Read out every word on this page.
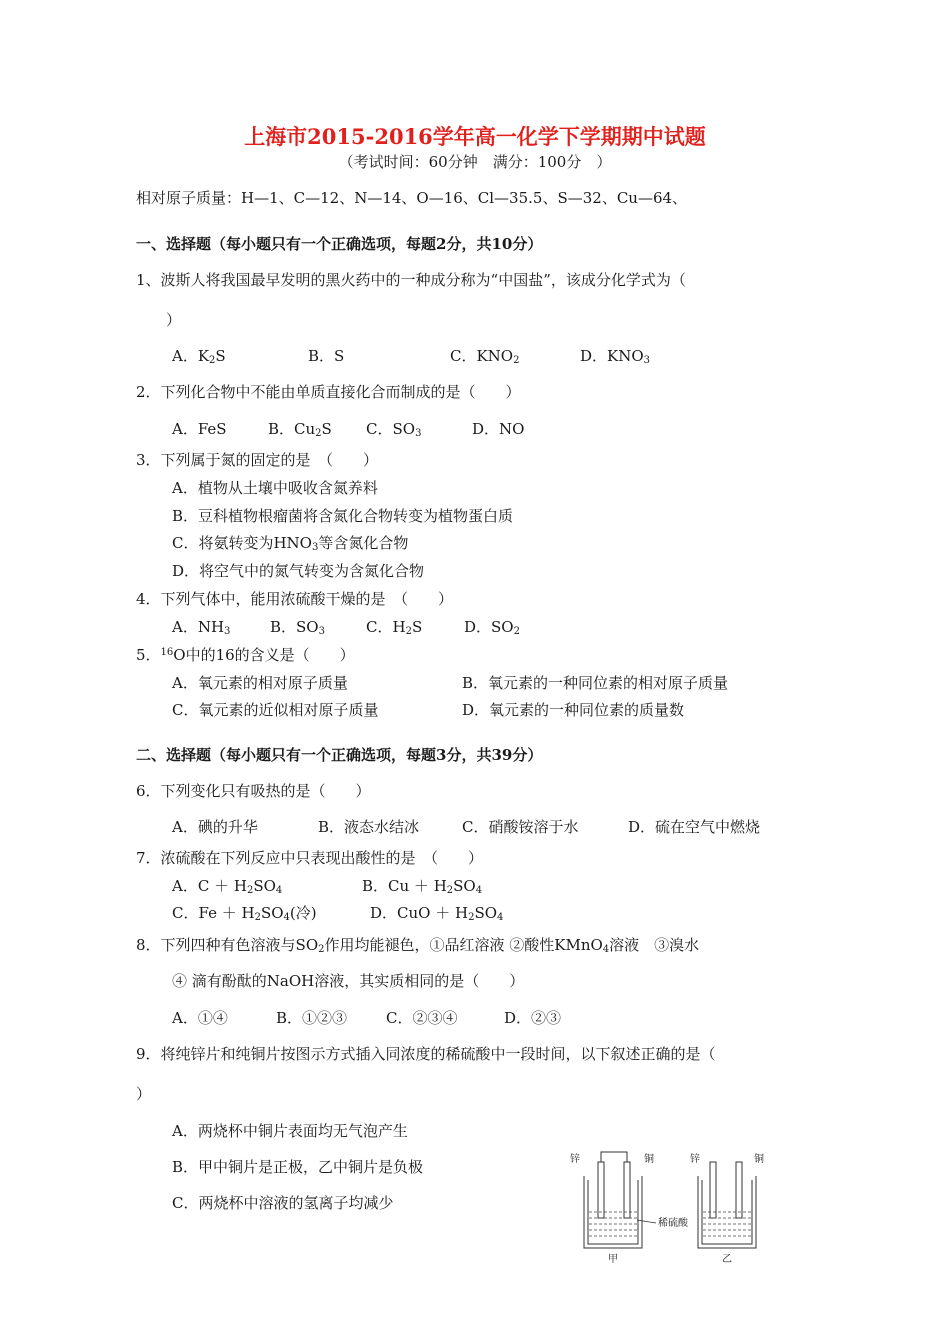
上海市2015-2016学年高一化学下学期期中试题
（考试时间：60分钟　满分：100分　）
相对原子质量：H—1、C—12、N—14、O—16、Cl—35.5、S—32、Cu—64、
一、选择题（每小题只有一个正确选项，每题2分，共10分）
1、波斯人将我国最早发明的黑火药中的一种成分称为“中国盐”，该成分化学式为（
）
A．$K_2S$	B．S	C．$KNO_2$	D．$KNO_3$
2．下列化合物中不能由单质直接化合而制成的是（　　）
A．FeS	B．$Cu_2S$ C．$SO_3$	D．NO
3．下列属于氮的固定的是　（　　）
A．植物从土壤中吸收含氮养料
B．豆科植物根瘤菌将含氮化合物转变为植物蛋白质
C．将氨转变为$HNO_3$等含氮化合物
D．将空气中的氮气转变为含氮化合物
4．下列气体中，能用浓硫酸干燥的是　（　　）
A．$NH_3$	B．$SO_3$	C．$H_2S$	D．$SO_2$
5．$^{16}$O中的16的含义是（　　）
A．氧元素的相对原子质量	B．氧元素的一种同位素的相对原子质量
C．氧元素的近似相对原子质量	D．氧元素的一种同位素的质量数
二、选择题（每小题只有一个正确选项，每题3分，共39分）
6．下列变化只有吸热的是（　　）
A．碘的升华	B．液态水结冰	C．硝酸铵溶于水	D．硫在空气中燃烧
7．浓硫酸在下列反应中只表现出酸性的是　（　　）
A．$C + H_2SO_4$	B．$Cu + H_2SO_4$
C．$Fe + H_2SO_4$(冷)	D．CuO ＋ $H_2SO_4$
8．下列四种有色溶液与$SO_2$作用均能褪色，①品红溶液 ②酸性KMnO$_4$溶液　③溴水
④ 滴有酚酞的NaOH溶液，其实质相同的是（　　）
A．①④	B．①②③	C．②③④	D．②③
9．将纯锌片和纯铜片按图示方式插入同浓度的稀硫酸中一段时间，以下叙述正确的是（
）
A．两烧杯中铜片表面均无气泡产生
B．甲中铜片是正极，乙中铜片是负极
C．两烧杯中溶液的氢离子均减少
锌	铜	锌	铜
稀硫酸
甲	乙
